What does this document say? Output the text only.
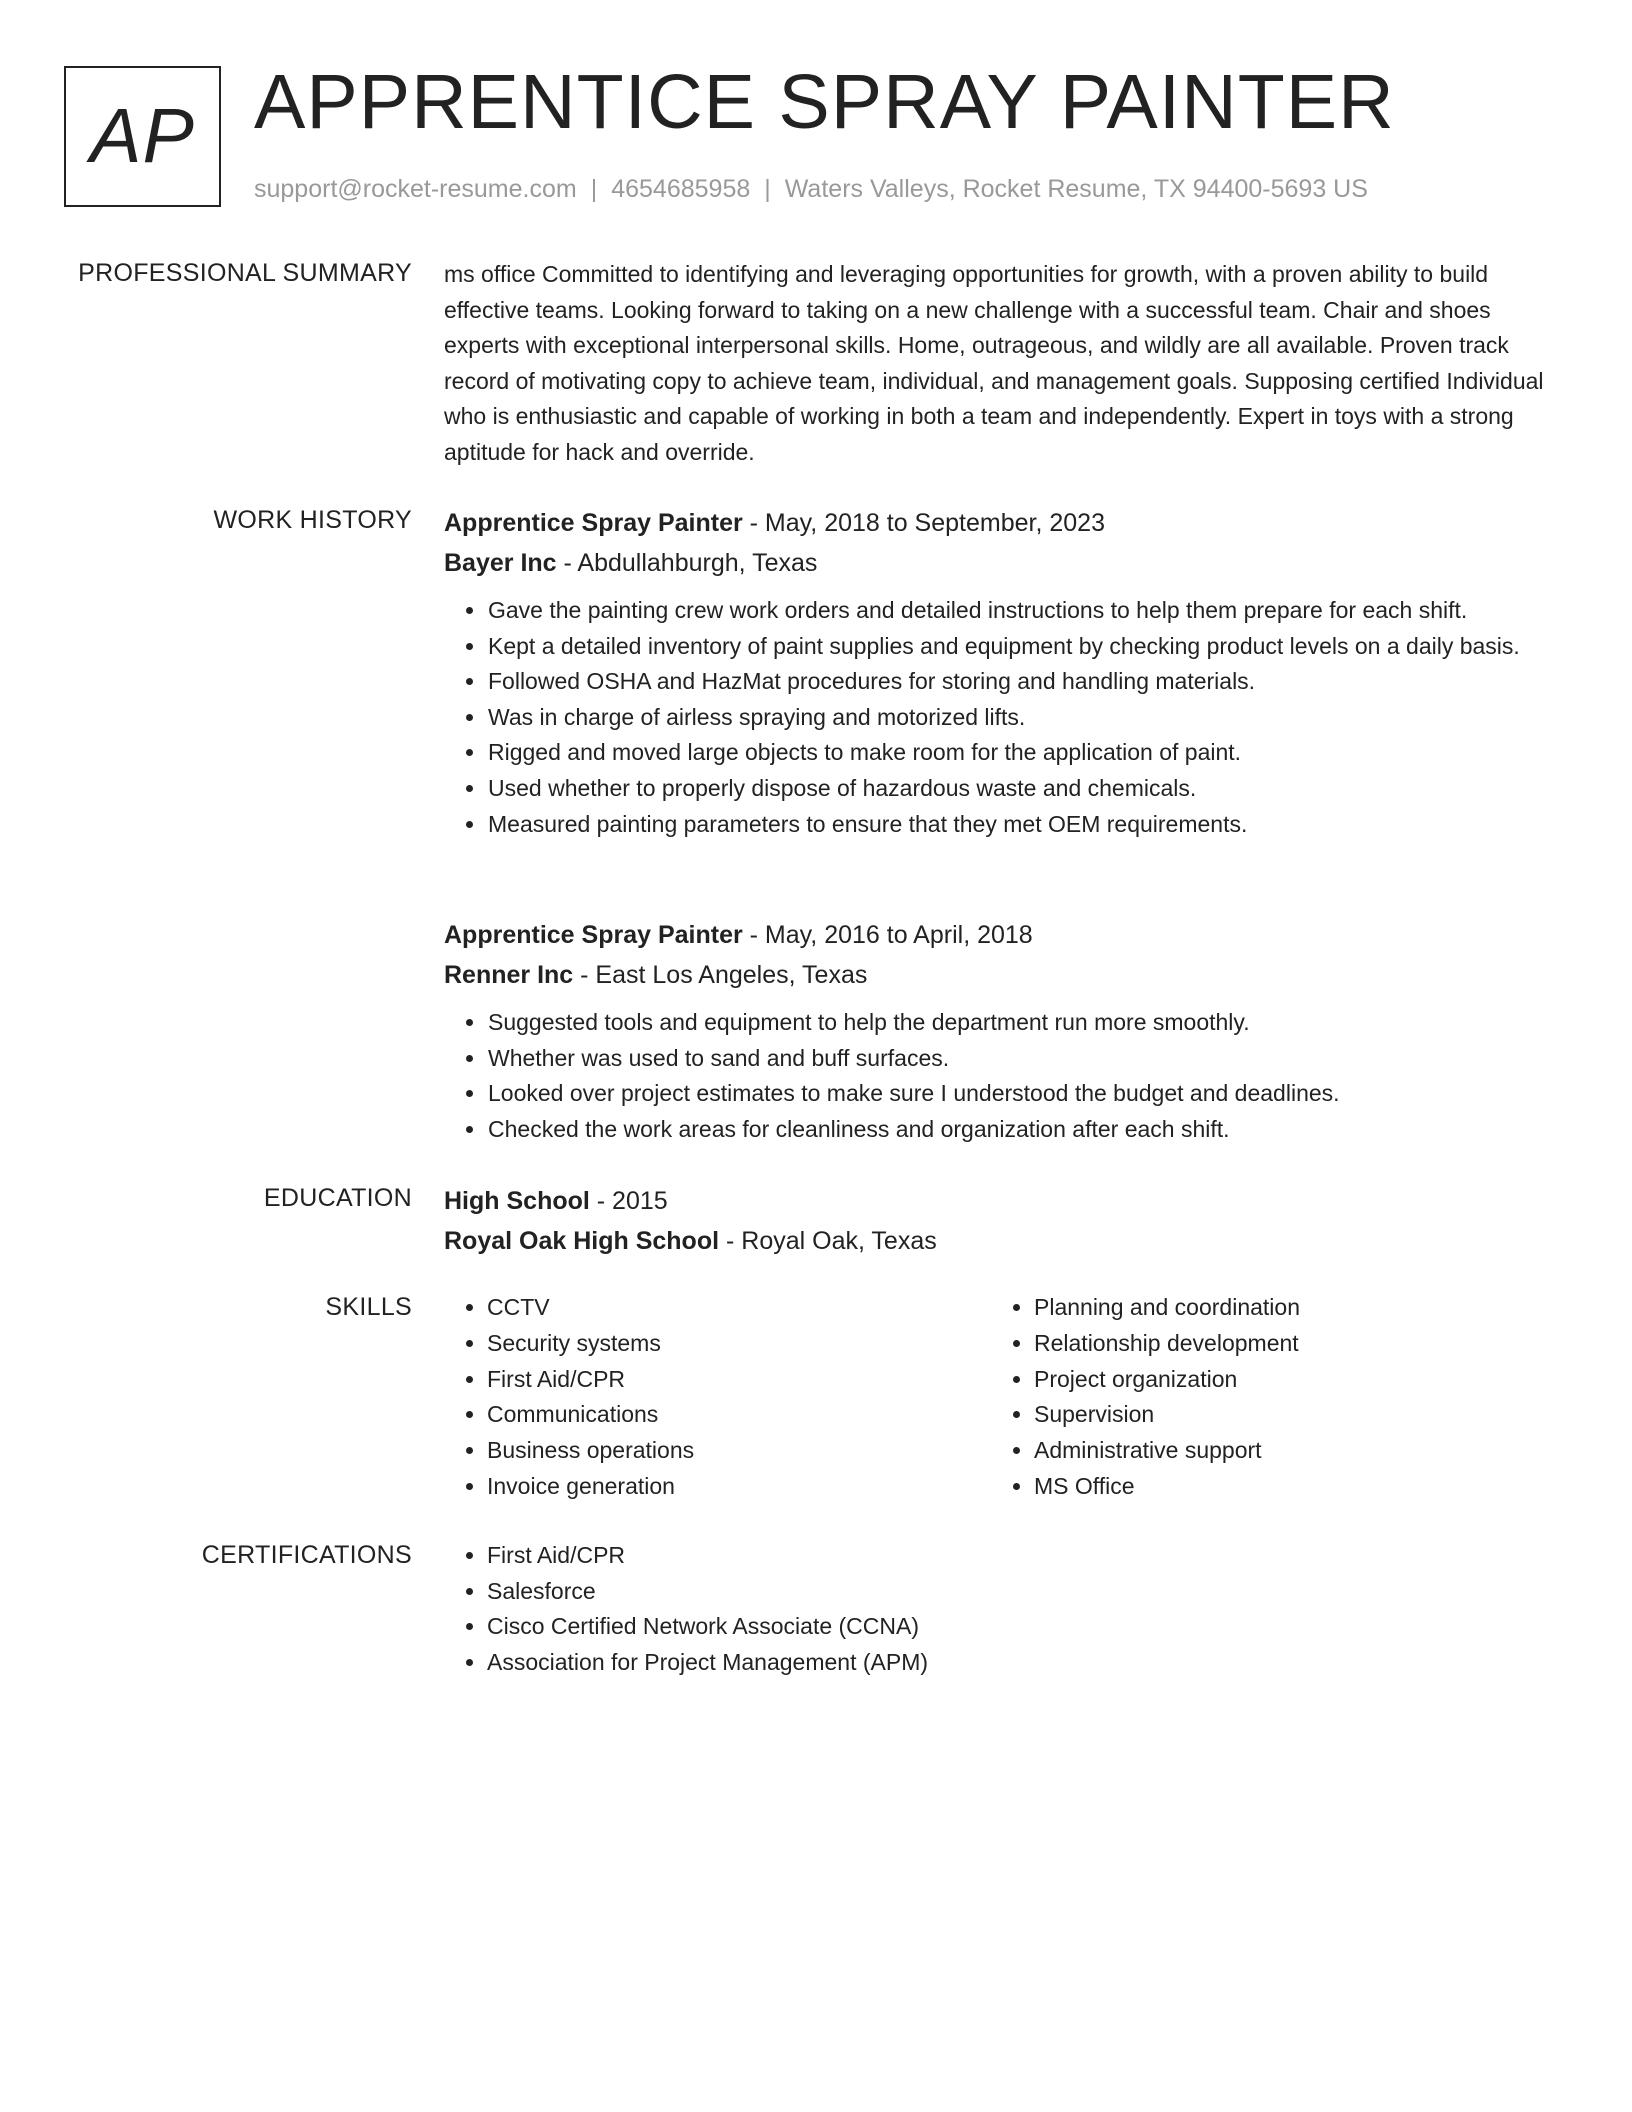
AP APPRENTICE SPRAY PAINTER
support@rocket-resume.com | 4654685958 | Waters Valleys, Rocket Resume, TX 94400-5693 US
PROFESSIONAL SUMMARY ms office Committed to identifying and leveraging opportunities for growth, with a proven ability to build effective teams. Looking forward to taking on a new challenge with a successful team. Chair and shoes experts with exceptional interpersonal skills. Home, outrageous, and wildly are all available. Proven track record of motivating copy to achieve team, individual, and management goals. Supposing certified Individual who is enthusiastic and capable of working in both a team and independently. Expert in toys with a strong aptitude for hack and override.

WORK HISTORY Apprentice Spray Painter - May, 2018 to September, 2023
Bayer Inc - Abdullahburgh, Texas
• Gave the painting crew work orders and detailed instructions to help them prepare for each shift.
• Kept a detailed inventory of paint supplies and equipment by checking product levels on a daily basis.
• Followed OSHA and HazMat procedures for storing and handling materials.
• Was in charge of airless spraying and motorized lifts.
• Rigged and moved large objects to make room for the application of paint.
• Used whether to properly dispose of hazardous waste and chemicals.
• Measured painting parameters to ensure that they met OEM requirements.
Apprentice Spray Painter - May, 2016 to April, 2018
Renner Inc - East Los Angeles, Texas
• Suggested tools and equipment to help the department run more smoothly.
• Whether was used to sand and buff surfaces.
• Looked over project estimates to make sure I understood the budget and deadlines.
• Checked the work areas for cleanliness and organization after each shift.
EDUCATION High School - 2015
Royal Oak High School - Royal Oak, Texas
SKILLS	• CCTV
• Security systems
• First Aid/CPR
• Communications
• Business operations
• Invoice generation
• Planning and coordination
• Relationship development
• Project organization
• Supervision
• Administrative support
• MS Office
CERTIFICATIONS	• First Aid/CPR
• Salesforce
• Cisco Certified Network Associate (CCNA)
• Association for Project Management (APM)
